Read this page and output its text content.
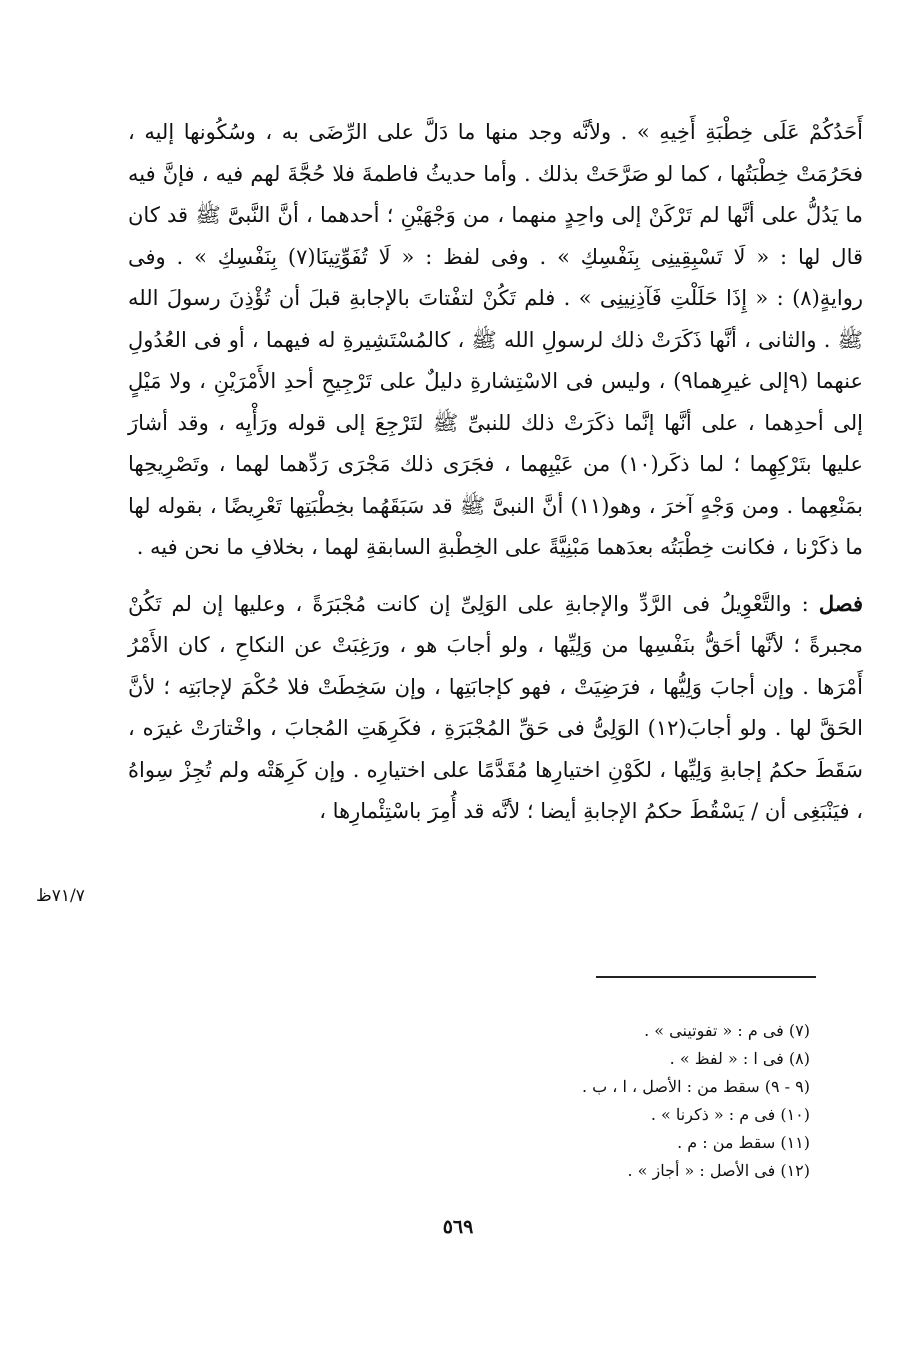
أَحَدُكُمْ عَلَى خِطْبَةِ أَخِيهِ » . ولأنَّه وجد منها ما دَلَّ على الرِّضَى به ، وسُكُونها إليه ، فحَرُمَتْ خِطْبَتُها ، كما لو صَرَّحَتْ بذلك . وأما حديثُ فاطمةَ فلا حُجَّةَ لهم فيه ، فإنَّ فيه ما يَدُلُّ على أنَّها لم تَرْكَنْ إلى واحِدٍ منهما ، من وَجْهَيْنِ ؛ أحدهما ، أنَّ النَّبىَّ ﷺ قد كان قال لها : « لَا تَسْبِقِينِى بِنَفْسِكِ » . وفى لفظ : « لَا تُفَوِّتِينَا(٧) بِنَفْسِكِ » . وفى روايةٍ(٨) : « إِذَا حَلَلْتِ فَآذِنِينِى » . فلم تَكُنْ لتفْتاتَ بالإجابةِ قبلَ أن تُؤْذِنَ رسولَ الله ﷺ . والثانى ، أنَّها ذَكَرَتْ ذلك لرسولِ الله ﷺ ، كالمُسْتَشِيرةِ له فيهما ، أو فى العُدُولِ عنهما (٩إلى غيرِهما٩) ، وليس فى الاسْتِشارةِ دليلٌ على تَرْجِيحِ أحدِ الأَمْرَيْنِ ، ولا مَيْلٍ إلى أحدِهما ، على أنَّها إنَّما ذكَرَتْ ذلك للنبىِّ ﷺ لتَرْجِعَ إلى قوله ورَأْيِه ، وقد أشارَ عليها بتَرْكِهِما ؛ لما ذكَر(١٠) من عَيْبِهما ، فجَرَى ذلك مَجْرَى رَدِّهما لهما ، وتَصْرِيحِها بمَنْعِهما . ومن وَجْهٍ آخرَ ، وهو(١١) أنَّ النبىَّ ﷺ قد سَبَقَهُما بخِطْبَتِها تَعْرِيضًا ، بقوله لها ما ذكَرْنا ، فكانت خِطْبَتُه بعدَهما مَبْنِيَّةً على الخِطْبةِ السابقةِ لهما ، بخلافِ ما نحن فيه .

فصل : والتَّعْوِيلُ فى الرَّدِّ والإجابةِ على الوَلِىِّ إن كانت مُجْبَرَةً ، وعليها إن لم تَكُنْ مجبرةً ؛ لأنَّها أحَقُّ بنَفْسِها من وَلِيِّها ، ولو أجابَ هو ، ورَغِبَتْ عن النكاحِ ، كان الأَمْرُ أَمْرَها . وإن أجابَ وَلِيُّها ، فرَضِيَتْ ، فهو كإجابَتِها ، وإن سَخِطَتْ فلا حُكْمَ لإجابَتِه ؛ لأنَّ الحَقَّ لها . ولو أجابَ(١٢) الوَلِىُّ فى حَقِّ المُجْبَرَةِ ، فكَرِهَتِ المُجابَ ، واخْتارَتْ غيرَه ، سَقَطَ حكمُ إجابةِ وَلِيِّها ، لكَوْنِ اختيارِها مُقَدَّمًا على اختيارِه . وإن كَرِهَتْه ولم تُجِزْ سِواهُ ، فيَنْبَغِى أن / يَسْقُطَ حكمُ الإجابةِ أيضا ؛ لأنَّه قد أُمِرَ باسْتِئْمارِها ،

٧١/٧ظ
(٧) فى م : « تفوتينى » .
(٨) فى ا : « لفظ » .
(٩ - ٩) سقط من : الأصل ، ا ، ب .
(١٠) فى م : « ذكرنا » .
(١١) سقط من : م .
(١٢) فى الأصل : « أجاز » .
٥٦٩
